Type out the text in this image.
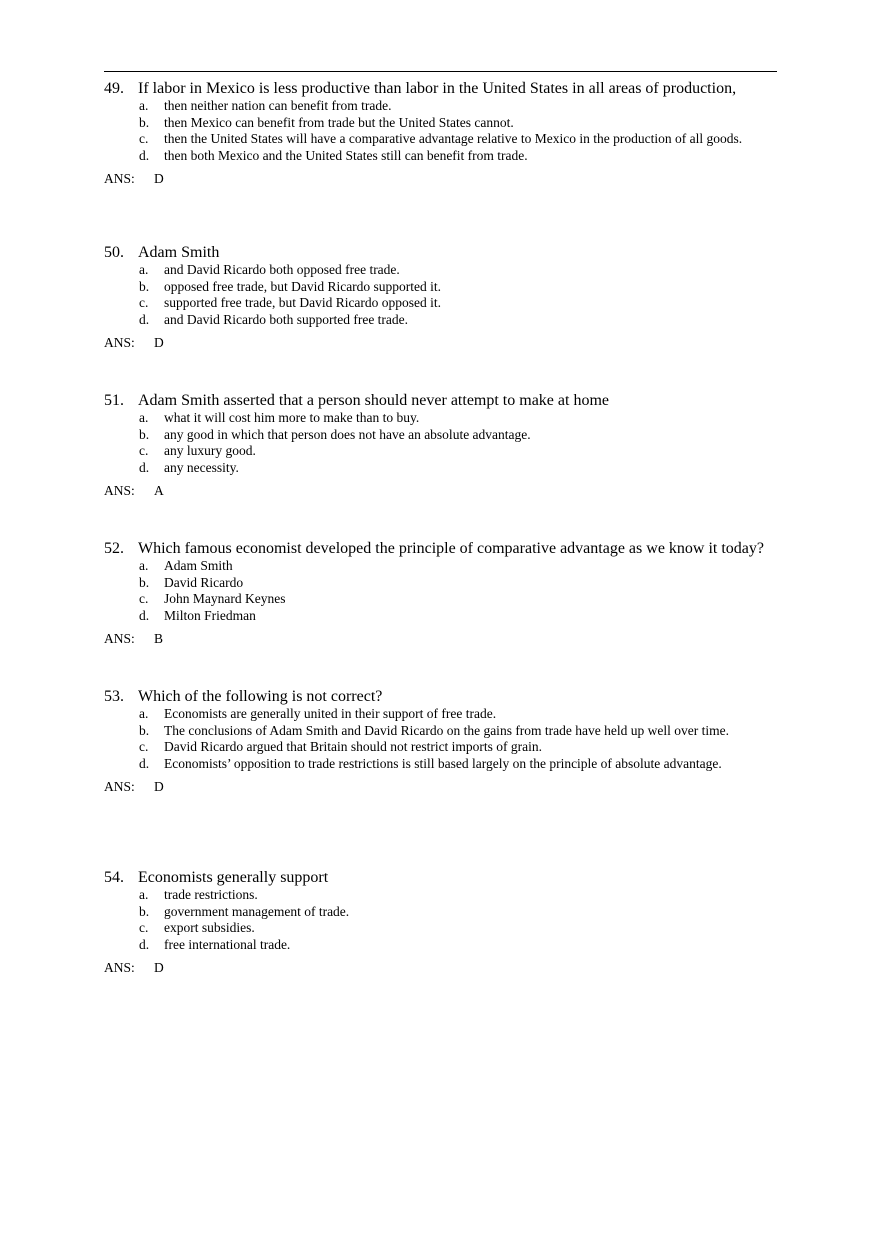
49. If labor in Mexico is less productive than labor in the United States in all areas of production,
a. then neither nation can benefit from trade.
b. then Mexico can benefit from trade but the United States cannot.
c. then the United States will have a comparative advantage relative to Mexico in the production of all goods.
d. then both Mexico and the United States still can benefit from trade.
ANS: D
50. Adam Smith
a. and David Ricardo both opposed free trade.
b. opposed free trade, but David Ricardo supported it.
c. supported free trade, but David Ricardo opposed it.
d. and David Ricardo both supported free trade.
ANS: D
51. Adam Smith asserted that a person should never attempt to make at home
a. what it will cost him more to make than to buy.
b. any good in which that person does not have an absolute advantage.
c. any luxury good.
d. any necessity.
ANS: A
52. Which famous economist developed the principle of comparative advantage as we know it today?
a. Adam Smith
b. David Ricardo
c. John Maynard Keynes
d. Milton Friedman
ANS: B
53. Which of the following is not correct?
a. Economists are generally united in their support of free trade.
b. The conclusions of Adam Smith and David Ricardo on the gains from trade have held up well over time.
c. David Ricardo argued that Britain should not restrict imports of grain.
d. Economists’ opposition to trade restrictions is still based largely on the principle of absolute advantage.
ANS: D
54. Economists generally support
a. trade restrictions.
b. government management of trade.
c. export subsidies.
d. free international trade.
ANS: D
